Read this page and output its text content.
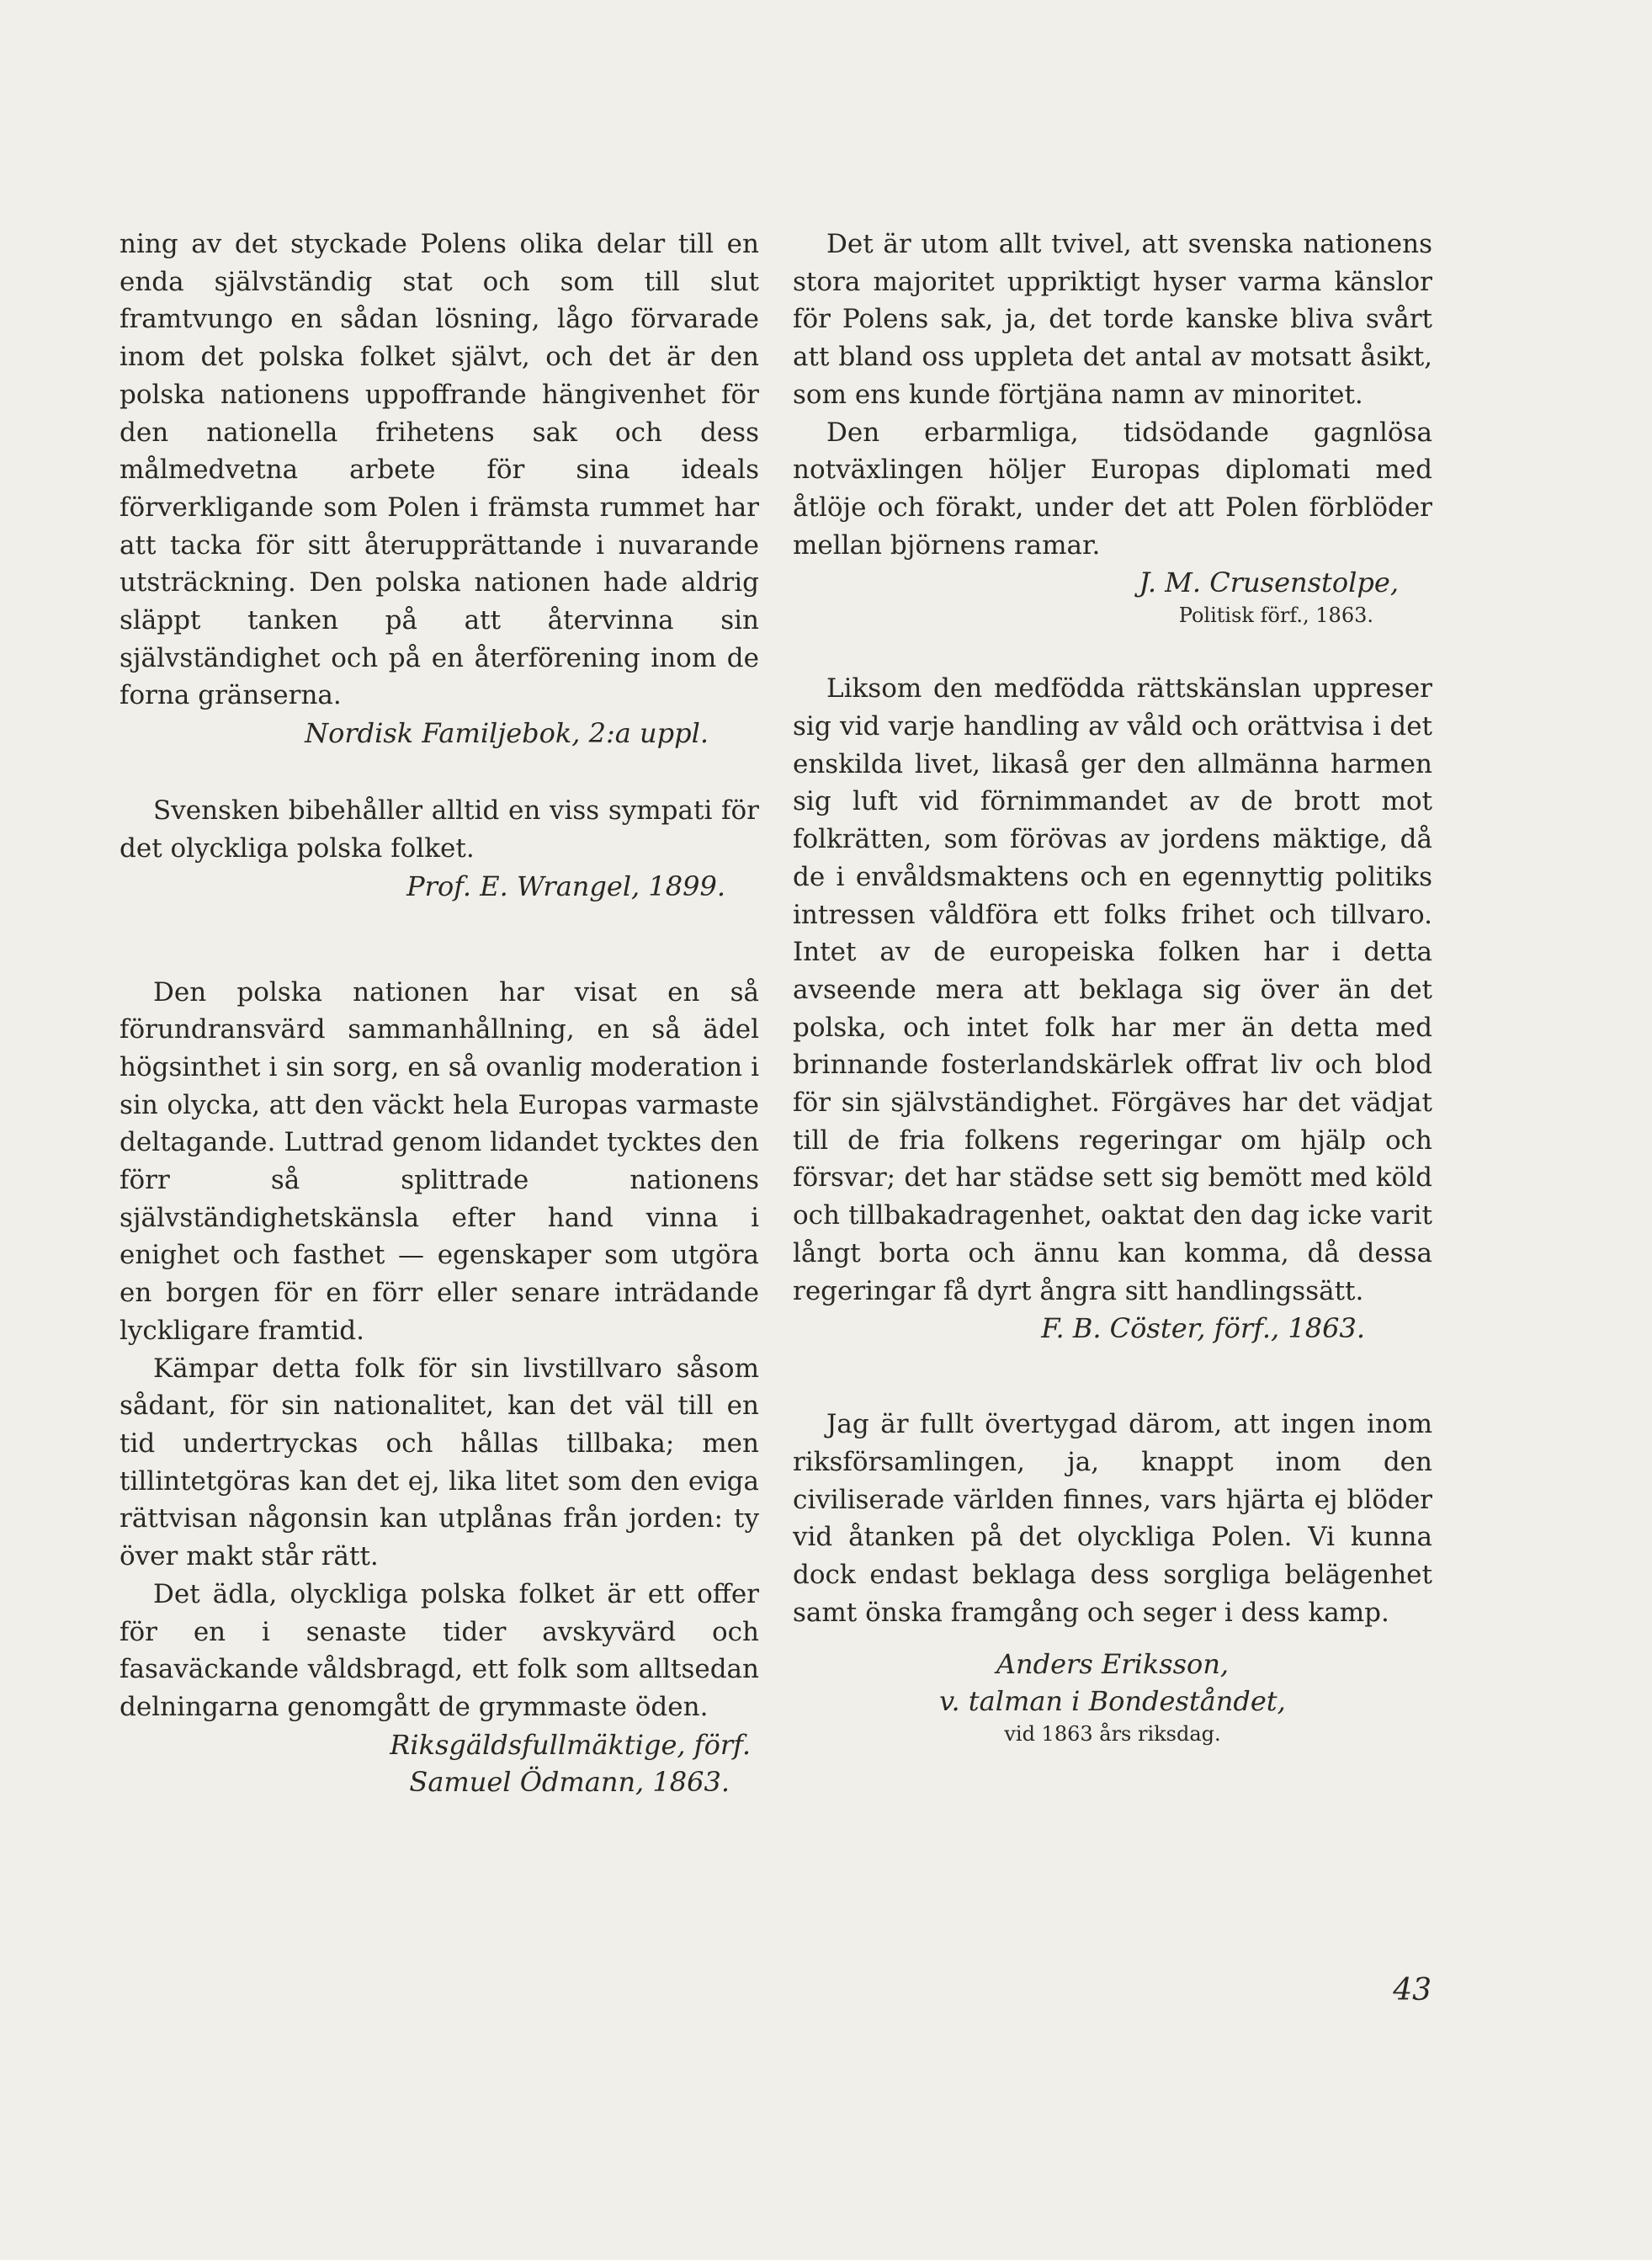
ning av det styckade Polens olika delar till en enda självständig stat och som till slut framtvungo en sådan lösning, lågo förvarade inom det polska folket självt, och det är den polska nationens uppoffrande hängivenhet för den nationella frihetens sak och dess målmedvetna arbete för sina ideals förverkligande som Polen i främsta rummet har att tacka för sitt återupprättande i nuvarande utsträckning. Den polska nationen hade aldrig släppt tanken på att återvinna sin självständighet och på en återförening inom de forna gränserna.

Nordisk Familjebok, 2:a uppl.

Svensken bibehåller alltid en viss sympati för det olyckliga polska folket.

Prof. E. Wrangel, 1899.

Den polska nationen har visat en så förundransvärd sammanhållning, en så ädel högsinthet i sin sorg, en så ovanlig moderation i sin olycka, att den väckt hela Europas varmaste deltagande. Luttrad genom lidandet tycktes den förr så splittrade nationens självständighetskänsla efter hand vinna i enighet och fasthet — egenskaper som utgöra en borgen för en förr eller senare inträdande lyckligare framtid.

Kämpar detta folk för sin livstillvaro såsom sådant, för sin nationalitet, kan det väl till en tid undertryckas och hållas tillbaka; men tillintetgöras kan det ej, lika litet som den eviga rättvisan någonsin kan utplånas från jorden: ty över makt står rätt.

Det ädla, olyckliga polska folket är ett offer för en i senaste tider avskyvärd och fasaväckande våldsbragd, ett folk som alltsedan delningarna genomgått de grymmaste öden.

Riksgäldsfullmäktige, förf.

Samuel Ödmann, 1863.

Det är utom allt tvivel, att svenska nationens stora majoritet uppriktigt hyser varma känslor för Polens sak, ja, det torde kanske bliva svårt att bland oss uppleta det antal av motsatt åsikt, som ens kunde förtjäna namn av minoritet.

Den erbarmliga, tidsödande gagnlösa notväxlingen höljer Europas diplomati med åtlöje och förakt, under det att Polen förblöder mellan björnens ramar.

J. M. Crusenstolpe,

Politisk förf., 1863.

Liksom den medfödda rättskänslan uppreser sig vid varje handling av våld och orättvisa i det enskilda livet, likaså ger den allmänna harmen sig luft vid förnimmandet av de brott mot folkrätten, som förövas av jordens mäktige, då de i envåldsmaktens och en egennyttig politiks intressen våldföra ett folks frihet och tillvaro. Intet av de europeiska folken har i detta avseende mera att beklaga sig över än det polska, och intet folk har mer än detta med brinnande fosterlandskärlek offrat liv och blod för sin självständighet. Förgäves har det vädjat till de fria folkens regeringar om hjälp och försvar; det har städse sett sig bemött med köld och tillbakadragenhet, oaktat den dag icke varit långt borta och ännu kan komma, då dessa regeringar få dyrt ångra sitt handlingssätt.

F. B. Cöster, förf., 1863.

Jag är fullt övertygad därom, att ingen inom riksförsamlingen, ja, knappt inom den civiliserade världen finnes, vars hjärta ej blöder vid åtanken på det olyckliga Polen. Vi kunna dock endast beklaga dess sorgliga belägenhet samt önska framgång och seger i dess kamp.

Anders Eriksson,

v. talman i Bondeståndet,

vid 1863 års riksdag.

43
